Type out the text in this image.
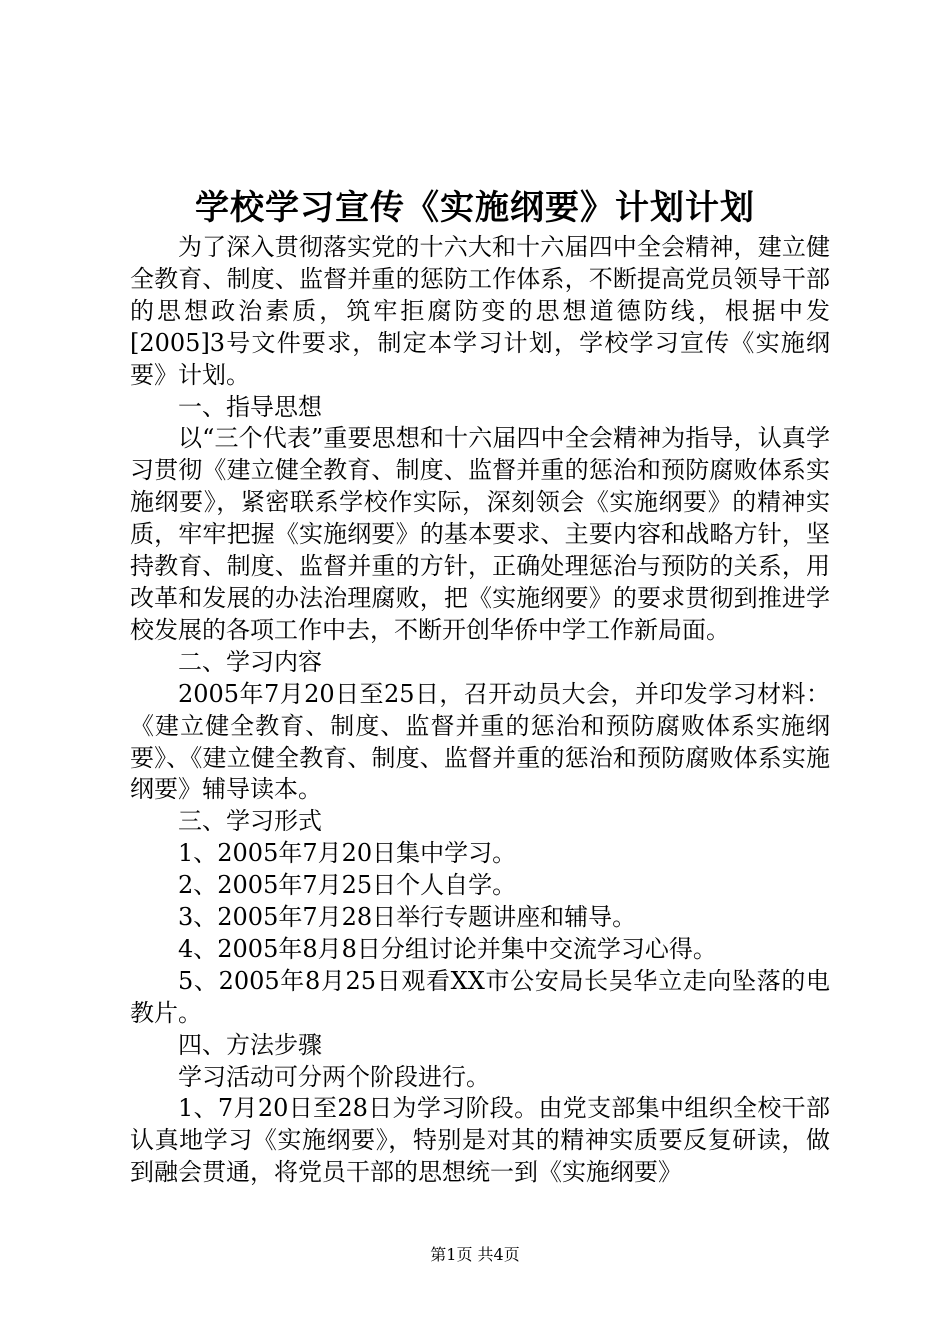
学校学习宣传《实施纲要》计划计划

为了深入贯彻落实党的十六大和十六届四中全会精神，建立健全教育、制度、监督并重的惩防工作体系，不断提高党员领导干部的思想政治素质，筑牢拒腐防变的思想道德防线，根据中发[2005]3号文件要求，制定本学习计划，学校学习宣传《实施纲要》计划。

一、指导思想

以“三个代表”重要思想和十六届四中全会精神为指导，认真学习贯彻《建立健全教育、制度、监督并重的惩治和预防腐败体系实施纲要》，紧密联系学校作实际，深刻领会《实施纲要》的精神实质，牢牢把握《实施纲要》的基本要求、主要内容和战略方针，坚持教育、制度、监督并重的方针，正确处理惩治与预防的关系，用改革和发展的办法治理腐败，把《实施纲要》的要求贯彻到推进学校发展的各项工作中去，不断开创华侨中学工作新局面。

二、学习内容

2005年7月20日至25日，召开动员大会，并印发学习材料：《建立健全教育、制度、监督并重的惩治和预防腐败体系实施纲要》、《建立健全教育、制度、监督并重的惩治和预防腐败体系实施纲要》辅导读本。

三、学习形式

1、2005年7月20日集中学习。

2、2005年7月25日个人自学。

3、2005年7月28日举行专题讲座和辅导。

4、2005年8月8日分组讨论并集中交流学习心得。

5、2005年8月25日观看XX市公安局长吴华立走向坠落的电教片。

四、方法步骤

学习活动可分两个阶段进行。

1、7月20日至28日为学习阶段。由党支部集中组织全校干部认真地学习《实施纲要》，特别是对其的精神实质要反复研读，做到融会贯通，将党员干部的思想统一到《实施纲要》

第1页 共4页
